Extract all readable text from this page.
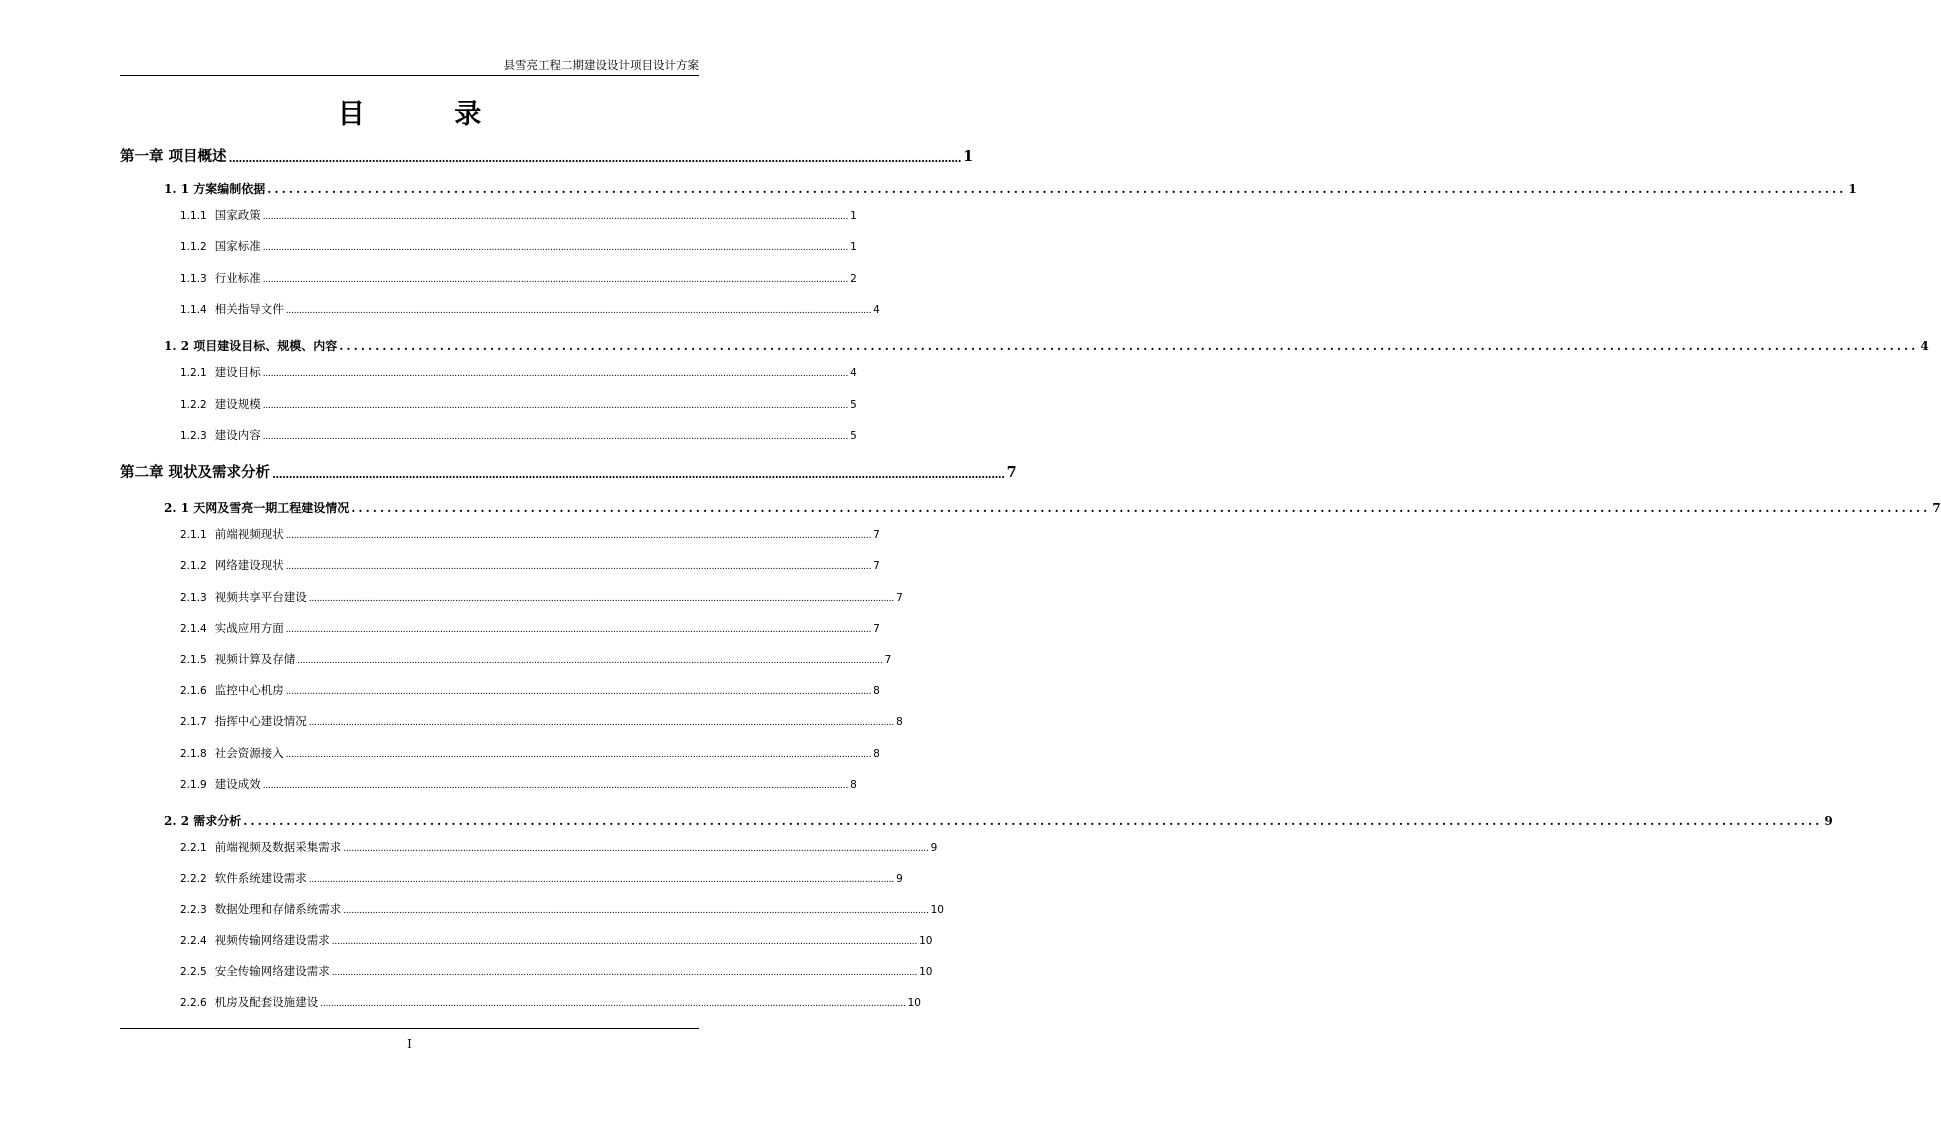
县雪亮工程二期建设设计项目设计方案
目 录
第一章 项目概述 ............................................................................................................................................................................................................................ 1
1. 1 方案编制依据 ............................................................................................................................................................................................................................ 1
1.1.1 国家政策 ............................................................................................................................................................................................................................ 1
1.1.2 国家标准 ............................................................................................................................................................................................................................ 1
1.1.3 行业标准 ............................................................................................................................................................................................................................ 2
1.1.4 相关指导文件 ............................................................................................................................................................................................................................ 4
1. 2 项目建设目标、规模、内容 ............................................................................................................................................................................................................................ 4
1.2.1 建设目标 ............................................................................................................................................................................................................................ 4
1.2.2 建设规模 ............................................................................................................................................................................................................................ 5
1.2.3 建设内容 ............................................................................................................................................................................................................................ 5
第二章 现状及需求分析 ............................................................................................................................................................................................................................ 7
2. 1 天网及雪亮一期工程建设情况 ............................................................................................................................................................................................................................ 7
2.1.1 前端视频现状 ............................................................................................................................................................................................................................ 7
2.1.2 网络建设现状 ............................................................................................................................................................................................................................ 7
2.1.3 视频共享平台建设 ............................................................................................................................................................................................................................ 7
2.1.4 实战应用方面 ............................................................................................................................................................................................................................ 7
2.1.5 视频计算及存储 ............................................................................................................................................................................................................................ 7
2.1.6 监控中心机房 ............................................................................................................................................................................................................................ 8
2.1.7 指挥中心建设情况 ............................................................................................................................................................................................................................ 8
2.1.8 社会资源接入 ............................................................................................................................................................................................................................ 8
2.1.9 建设成效 ............................................................................................................................................................................................................................ 8
2. 2 需求分析 ............................................................................................................................................................................................................................ 9
2.2.1 前端视频及数据采集需求 ............................................................................................................................................................................................................................ 9
2.2.2 软件系统建设需求 ............................................................................................................................................................................................................................ 9
2.2.3 数据处理和存储系统需求 ............................................................................................................................................................................................................................ 10
2.2.4 视频传输网络建设需求 ............................................................................................................................................................................................................................ 10
2.2.5 安全传输网络建设需求 ............................................................................................................................................................................................................................ 10
2.2.6 机房及配套设施建设 ............................................................................................................................................................................................................................ 10
I
